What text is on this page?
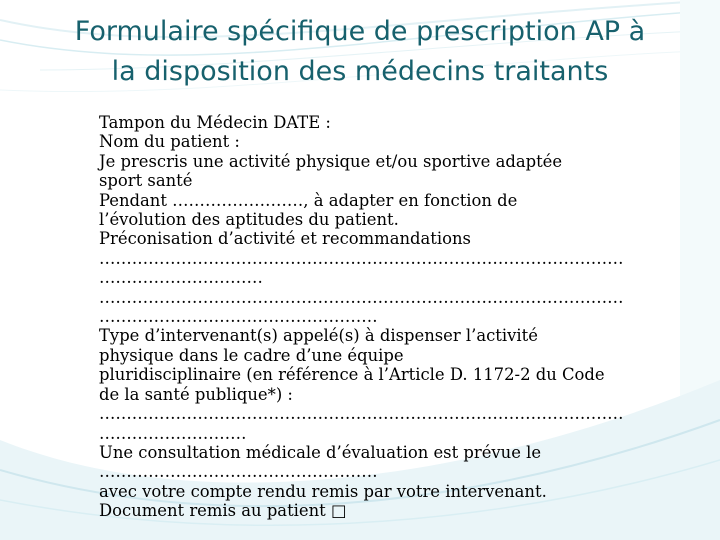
Formulaire spécifique de prescription AP à
la disposition des médecins traitants
Tampon du Médecin DATE :
Nom du patient :
Je prescris une activité physique et/ou sportive adaptée
sport santé
Pendant ……………………, à adapter en fonction de
l’évolution des aptitudes du patient.
Préconisation d’activité et recommandations
……………………………………………………………………………………
…………………………
……………………………………………………………………………………
……………………………………………
Type d’intervenant(s) appelé(s) à dispenser l’activité
physique dans le cadre d’une équipe
pluridisciplinaire (en référence à l’Article D. 1172-2 du Code
de la santé publique*) :
……………………………………………………………………………………
………………………
Une consultation médicale d’évaluation est prévue le
……………………………………………
avec votre compte rendu remis par votre intervenant.
Document remis au patient □
